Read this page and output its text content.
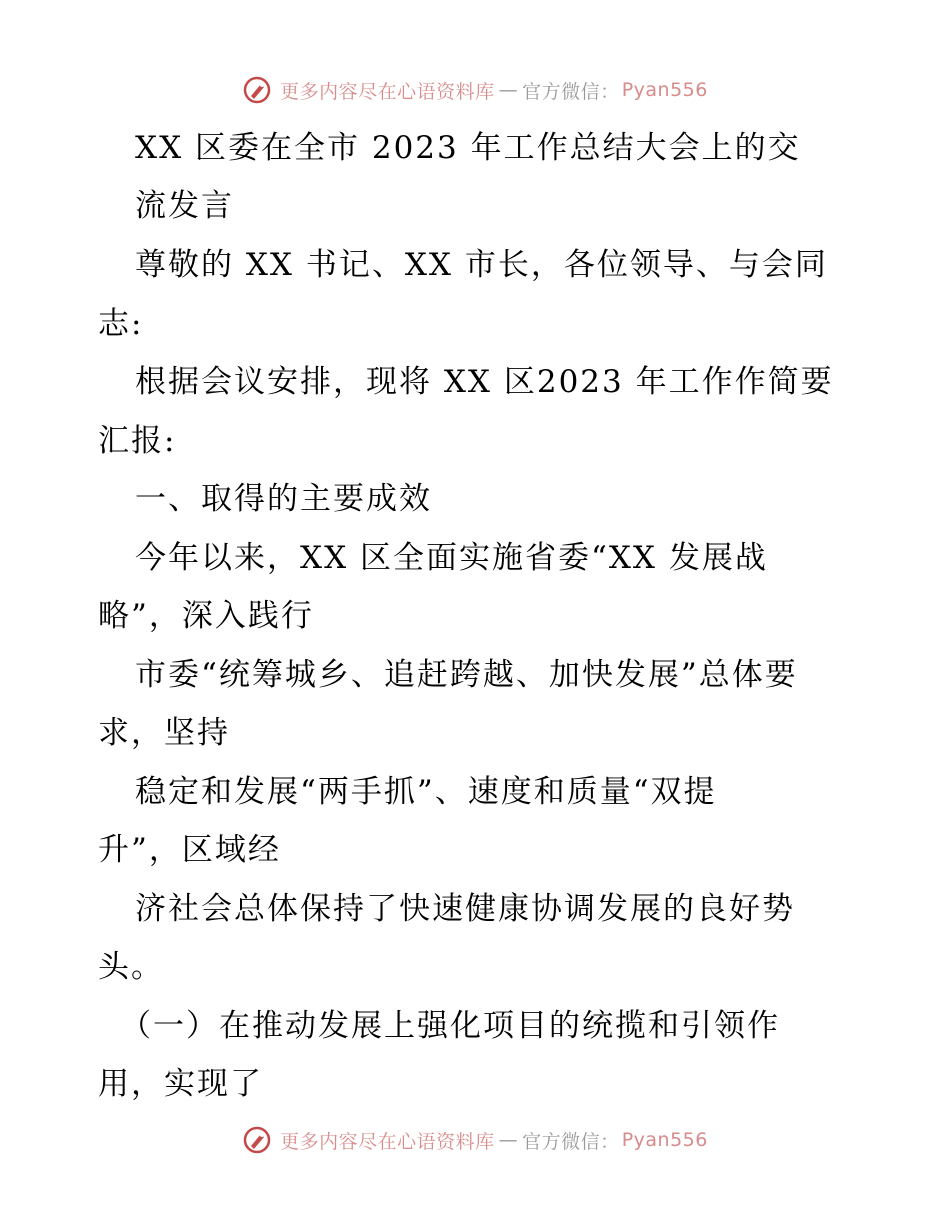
更多内容尽在心语资料库 — 官方微信： Pyan556
XX 区委在全市 2023 年工作总结大会上的交
流发言
尊敬的 XX 书记、XX 市长，各位领导、与会同
志:
根据会议安排，现将 XX 区2023 年工作作简要
汇报:
一、取得的主要成效
今年以来，XX 区全面实施省委“XX 发展战
略”，深入践行
市委“统筹城乡、追赶跨越、加快发展”总体要
求，坚持
稳定和发展“两手抓”、速度和质量“双提
升”，区域经
济社会总体保持了快速健康协调发展的良好势
头。
（一）在推动发展上强化项目的统揽和引领作
用，实现了
更多内容尽在心语资料库 — 官方微信： Pyan556
